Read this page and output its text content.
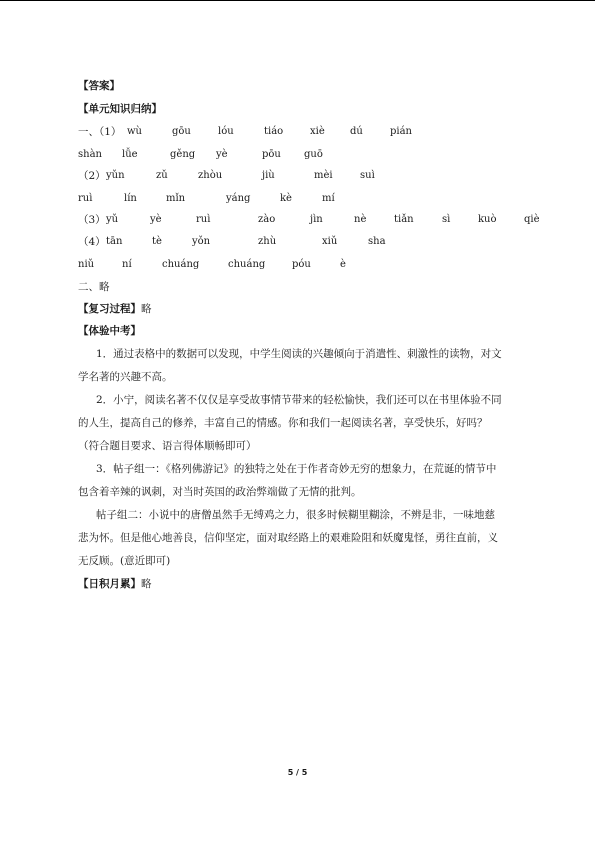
【答案】
【单元知识归纳】
一、（1） wù	gōu	lóu	tiáo	xiè	dú	pián
shàn lǚe	gěng yè	pōu guō
（2） yǔn	zǔ	zhòu	jiù	mèi	suì
ruì	lín	mǐn	yáng	kè	mí
（3） yǔ	yè	ruì	zào	jìn	nè	tiǎn	sì	kuò	qiè
（4） tān	tè	yǒn	zhù	xiǔ	sha
niǔ	ní	chuáng	chuáng	póu	è
二、略
【复习过程】略
【体验中考】
1．通过表格中的数据可以发现，中学生阅读的兴趣倾向于消遣性、刺激性的读物，对文
学名著的兴趣不高。
2．小宁，阅读名著不仅仅是享受故事情节带来的轻松愉快，我们还可以在书里体验不同
的人生，提高自己的修养，丰富自己的情感。你和我们一起阅读名著，享受快乐，好吗？
（符合题目要求、语言得体顺畅即可）
3．帖子组一：《格列佛游记》的独特之处在于作者奇妙无穷的想象力，在荒诞的情节中
包含着辛辣的讽刺，对当时英国的政治弊端做了无情的批判。
帖子组二：小说中的唐僧虽然手无缚鸡之力，很多时候糊里糊涂，不辨是非，一味地慈
悲为怀。但是他心地善良，信仰坚定，面对取经路上的艰难险阻和妖魔鬼怪，勇往直前，义
无反顾。(意近即可)
【日积月累】略
5 / 5
